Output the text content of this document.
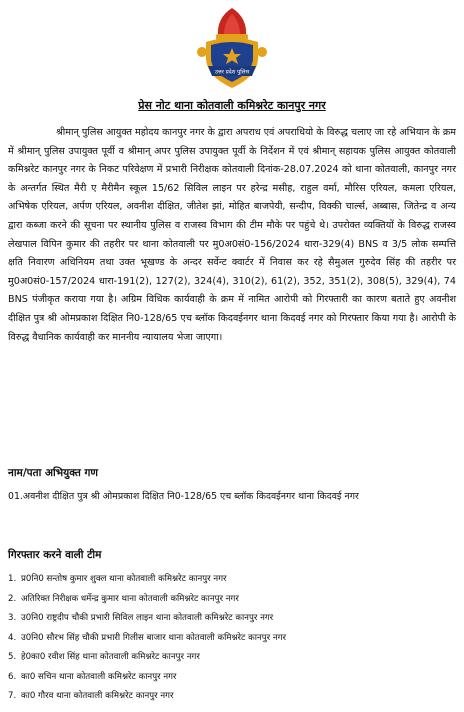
उत्तर प्रदेश पुलिस
प्रेस नोट थाना कोतवाली कमिश्नरेट कानपुर नगर

श्रीमान् पुलिस आयुक्त महोदय कानपुर नगर के द्वारा अपराध एवं अपराधियो के विरुद्ध चलाए जा रहे अभियान के क्रम में श्रीमान् पुलिस उपायुक्त पूर्वी व श्रीमान् अपर पुलिस उपायुक्त पूर्वी के निर्देशन में एवं श्रीमान् सहायक पुलिस आयुक्त कोतवाली कमिश्नरेट कानपुर नगर के निकट परिवेक्षण में प्रभारी निरीक्षक कोतवाली दिनांक-28.07.2024 को थाना कोतवाली, कानपुर नगर के अन्तर्गत स्थित मैरी ए मैरीमैन स्कूल 15/62 सिविल लाइन पर हरेन्द्र मसीह, राहुल वर्मा, मौरिस एरियल, कमला एरियल, अभिषेक एरियल, अर्पण एरियल, अवनीश दीक्षित, जीतेश झां, मोहित बाजपेयी, सन्दीप, विक्की चार्ल्स, अब्बास, जितेन्द्र व अन्य द्वारा कब्जा करने की सूचना पर स्थानीय पुलिस व राजस्व विभाग की टीम मौके पर पहुंचे थे। उपरोक्त व्यक्तियों के विरुद्ध राजस्व लेखपाल विपिन कुमार की तहरीर पर थाना कोतवाली पर मु0अ0सं0-156/2024 धारा-329(4) BNS व 3/5 लोक सम्पत्ति क्षति निवारण अधिनियम तथा उक्त भूखण्ड के अन्दर सर्वेन्ट क्वार्टर में निवास कर रहे सैमुअल गुरुदेव सिंह की तहरीर पर मु0अ0सं0-157/2024 धारा-191(2), 127(2), 324(4), 310(2), 61(2), 352, 351(2), 308(5), 329(4), 74 BNS पंजीकृत कराया गया है। अग्रिम विधिक कार्यवाही के क्रम में नामित आरोपी को गिरफ्तारी का कारण बताते हुए अवनीश दीक्षित पुत्र श्री ओमप्रकाश दिक्षित नि0-128/65 एच ब्लॉक किदवईनगर थाना किदवई नगर को गिरफ्तार किया गया है। आरोपी के विरुद्ध वैधानिक कार्यवाही कर माननीय न्यायालय भेजा जाएगा।

नाम/पता अभियुक्त गण

01.अवनीश दीक्षित पुत्र श्री ओमप्रकाश दिक्षित नि0-128/65 एच ब्लॉक किदवईनगर थाना किदवई नगर

गिरफ्तार करने वाली टीम
1. प्र0नि0 सन्तोष कुमार शुक्ल थाना कोतवाली कमिश्नरेट कानपुर नगर
2. अतिरिक्त निरीक्षक धर्मेन्द्र कुमार थाना कोतवाली कमिश्नरेट कानपुर नगर
3. उ0नि0 राष्ट्रदीप चौकी प्रभारी सिविल लाइन थाना कोतवाली कमिश्नरेट कानपुर नगर
4. उ0नि0 सौरभ सिंह चौकी प्रभारी गिलीस बाजार थाना कोतवाली कमिश्नरेट कानपुर नगर
5. हे0का0 रवीश सिंह थाना कोतवाली कमिश्नरेट कानपुर नगर
6. का0 सचिन थाना कोतवाली कमिश्नरेट कानपुर नगर
7. का0 गौरव थाना कोतवाली कमिश्नरेट कानपुर नगर
